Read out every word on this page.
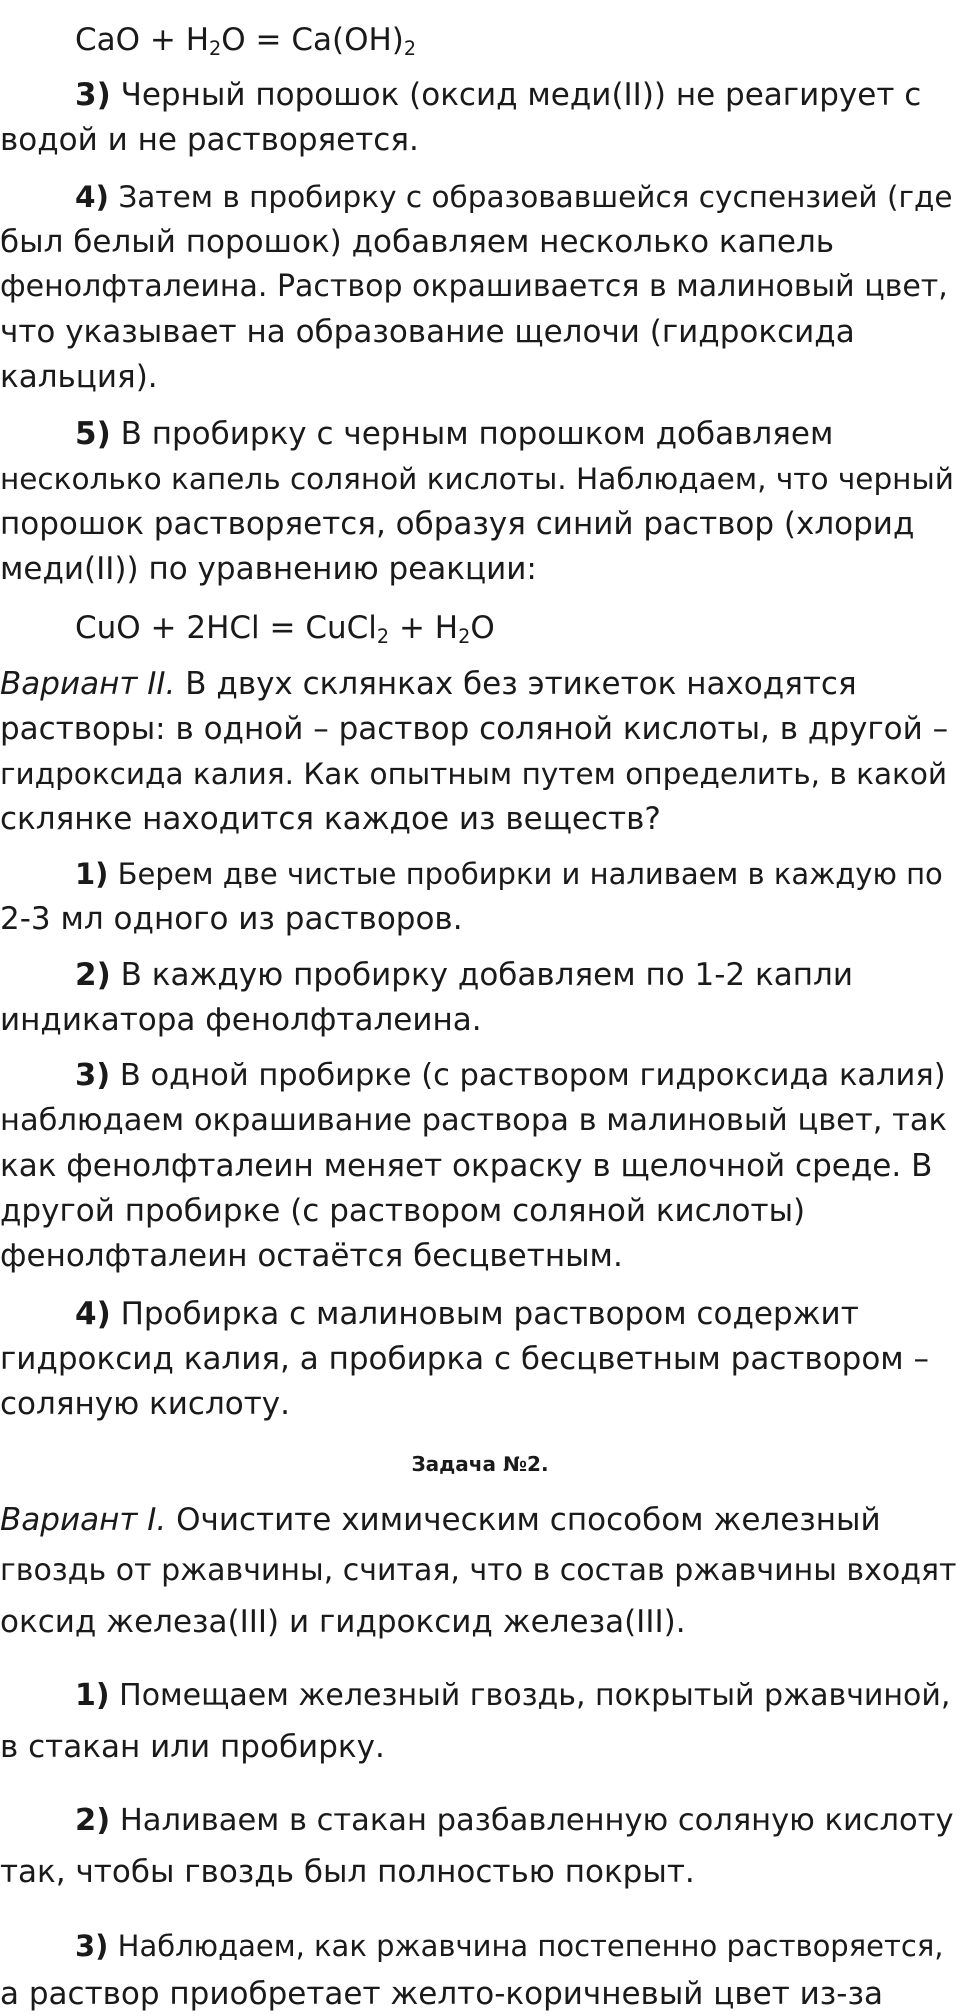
CaO + $H_2O = Ca(OH)_2$
3) Черный порошок (оксид меди(II)) не реагирует с
водой и не растворяется.
4) Затем в пробирку с образовавшейся суспензией (где
был белый порошок) добавляем несколько капель
фенолфталеина. Раствор окрашивается в малиновый цвет,
что указывает на образование щелочи (гидроксида
кальция).
5) В пробирку с черным порошком добавляем
несколько капель соляной кислоты. Наблюдаем, что черный
порошок растворяется, образуя синий раствор (хлорид
меди(II)) по уравнению реакции:
CuO + 2HCl = CuCl$_2$ + $H_2O$
Вариант II. В двух склянках без этикеток находятся
растворы: в одной – раствор соляной кислоты, в другой –
гидроксида калия. Как опытным путем определить, в какой
склянке находится каждое из веществ?
1) Берем две чистые пробирки и наливаем в каждую по
2-3 мл одного из растворов.
2) В каждую пробирку добавляем по 1-2 капли
индикатора фенолфталеина.
3) В одной пробирке (с раствором гидроксида калия)
наблюдаем окрашивание раствора в малиновый цвет, так
как фенолфталеин меняет окраску в щелочной среде. В
другой пробирке (с раствором соляной кислоты)
фенолфталеин остаётся бесцветным.
4) Пробирка с малиновым раствором содержит
гидроксид калия, а пробирка с бесцветным раствором –
соляную кислоту.
Задача №2.
Вариант I. Очистите химическим способом железный
гвоздь от ржавчины, считая, что в состав ржавчины входят
оксид железа(III) и гидроксид железа(III).
1) Помещаем железный гвоздь, покрытый ржавчиной,
в стакан или пробирку.
2) Наливаем в стакан разбавленную соляную кислоту
так, чтобы гвоздь был полностью покрыт.
3) Наблюдаем, как ржавчина постепенно растворяется,
а раствор приобретает желто-коричневый цвет из-за
